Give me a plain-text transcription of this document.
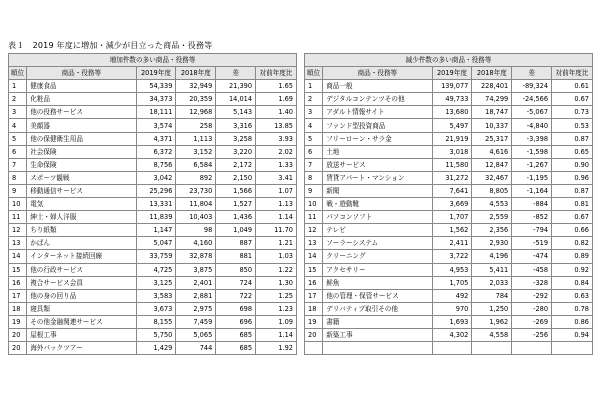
表１　2019 年度に増加・減少が目立った商品・役務等
増加件数の多い商品・役務等					
順位	商品・役務等	2019年度	2018年度	差	対前年度比
1	健康食品	54,339	32,949	21,390	1.65
2	化粧品	34,373	20,359	14,014	1.69
3	他の役務サービス	18,111	12,968	5,143	1.40
4	美顔器	3,574	258	3,316	13.85
5	他の保健衛生用品	4,371	1,113	3,258	3.93
6	社会保険	6,372	3,152	3,220	2.02
7	生命保険	8,756	6,584	2,172	1.33
8	スポーツ観戦	3,042	892	2,150	3.41
9	移動通信サービス	25,296	23,730	1,566	1.07
10	電気	13,331	11,804	1,527	1.13
11	紳士・婦人洋服	11,839	10,403	1,436	1.14
12	ちり紙類	1,147	98	1,049	11.70
13	かばん	5,047	4,160	887	1.21
14	インターネット接続回線	33,759	32,878	881	1.03
15	他の行政サービス	4,725	3,875	850	1.22
16	複合サービス会員	3,125	2,401	724	1.30
17	他の身の回り品	3,583	2,881	722	1.25
18	寝具類	3,673	2,975	698	1.23
19	その他金融関連サービス	8,155	7,459	696	1.09
20	屋根工事	5,750	5,065	685	1.14
20	海外パックツアー	1,429	744	685	1.92
減少件数の多い商品・役務等					
順位	商品・役務等	2019年度	2018年度	差	対前年度比
1	商品一般	139,077	228,401	-89,324	0.61
2	デジタルコンテンツその他	49,733	74,299	-24,566	0.67
3	アダルト情報サイト	13,680	18,747	-5,067	0.73
4	ファンド型投資商品	5,497	10,337	-4,840	0.53
5	フリーローン・サラ金	21,919	25,317	-3,398	0.87
6	土地	3,018	4,616	-1,598	0.65
7	放送サービス	11,580	12,847	-1,267	0.90
8	賃貸アパート・マンション	31,272	32,467	-1,195	0.96
9	新聞	7,641	8,805	-1,164	0.87
10	戦・遊動靴	3,669	4,553	-884	0.81
11	パソコンソフト	1,707	2,559	-852	0.67
12	テレビ	1,562	2,356	-794	0.66
13	ソーラーシステム	2,411	2,930	-519	0.82
14	クリーニング	3,722	4,196	-474	0.89
15	アクセサリー	4,953	5,411	-458	0.92
16	鮮魚	1,705	2,033	-328	0.84
17	他の管理・保管サービス	492	784	-292	0.63
18	デリバティブ取引その他	970	1,250	-280	0.78
19	書籍	1,693	1,962	-269	0.86
20	新築工事	4,302	4,558	-256	0.94
